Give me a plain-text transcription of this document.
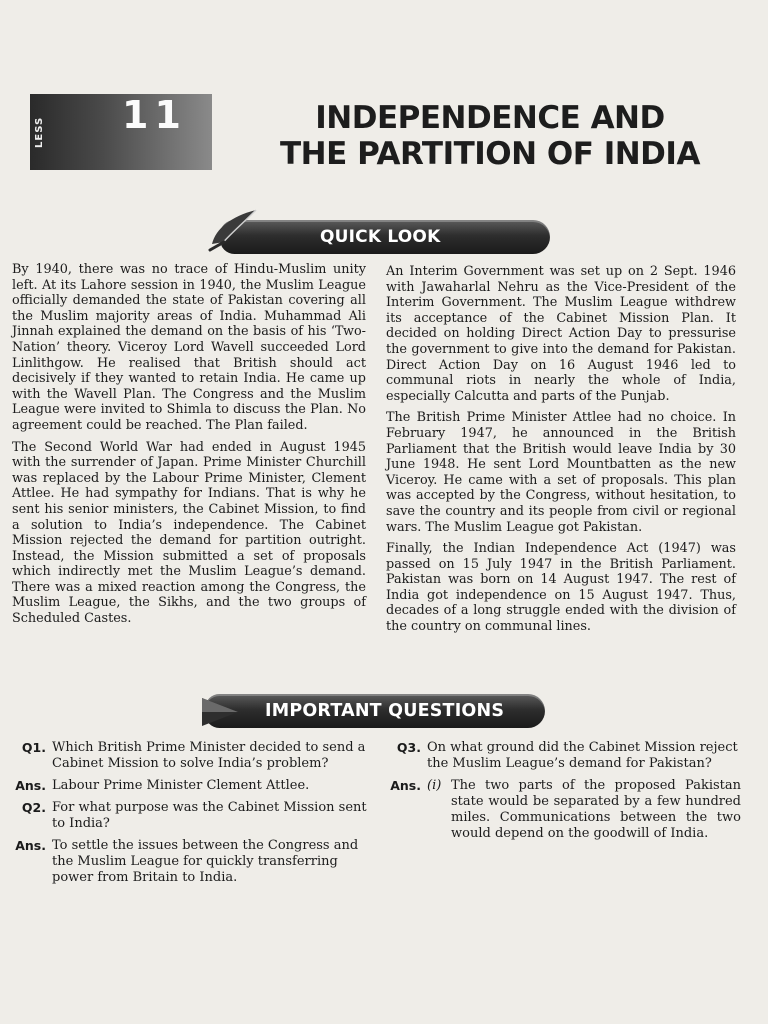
LESS 11	INDEPENDENCE AND
THE PARTITION OF INDIA
QUICK LOOK

By 1940, there was no trace of Hindu-Muslim unity left. At its Lahore session in 1940, the Muslim League officially demanded the state of Pakistan covering all the Muslim majority areas of India. Muhammad Ali Jinnah explained the demand on the basis of his ‘Two-Nation’ theory. Viceroy Lord Wavell succeeded Lord Linlithgow. He realised that British should act decisively if they wanted to retain India. He came up with the Wavell Plan. The Congress and the Muslim League were invited to Shimla to discuss the Plan. No agreement could be reached. The Plan failed.

The Second World War had ended in August 1945 with the surrender of Japan. Prime Minister Churchill was replaced by the Labour Prime Minister, Clement Attlee. He had sympathy for Indians. That is why he sent his senior ministers, the Cabinet Mission, to find a solution to India’s independence. The Cabinet Mission rejected the demand for partition outright. Instead, the Mission submitted a set of proposals which indirectly met the Muslim League’s demand. There was a mixed reaction among the Congress, the Muslim League, the Sikhs, and the two groups of Scheduled Castes.

An Interim Government was set up on 2 Sept. 1946 with Jawaharlal Nehru as the Vice-President of the Interim Government. The Muslim League withdrew its acceptance of the Cabinet Mission Plan. It decided on holding Direct Action Day to pressurise the government to give into the demand for Pakistan. Direct Action Day on 16 August 1946 led to communal riots in nearly the whole of India, especially Calcutta and parts of the Punjab.

The British Prime Minister Attlee had no choice. In February 1947, he announced in the British Parliament that the British would leave India by 30 June 1948. He sent Lord Mountbatten as the new Viceroy. He came with a set of proposals. This plan was accepted by the Congress, without hesitation, to save the country and its people from civil or regional wars. The Muslim League got Pakistan.

Finally, the Indian Independence Act (1947) was passed on 15 July 1947 in the British Parliament. Pakistan was born on 14 August 1947. The rest of India got independence on 15 August 1947. Thus, decades of a long struggle ended with the division of the country on communal lines.

IMPORTANT QUESTIONS
Q1. Which British Prime Minister decided to send a Cabinet Mission to solve India’s problem?
Ans. Labour Prime Minister Clement Attlee.
Q2. For what purpose was the Cabinet Mission sent to India?
Ans. To settle the issues between the Congress and the Muslim League for quickly transferring power from Britain to India.
Q3. On what ground did the Cabinet Mission reject the Muslim League’s demand for Pakistan?
Ans. (i) The two parts of the proposed Pakistan state would be separated by a few hundred miles. Communications between the two would depend on the goodwill of India.
